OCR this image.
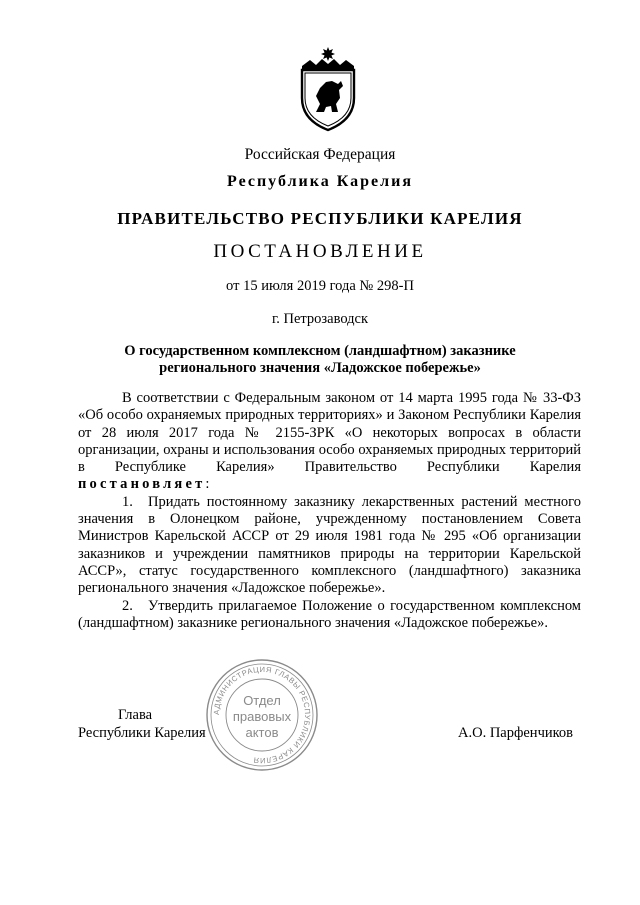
Российская Федерация
Республика Карелия
ПРАВИТЕЛЬСТВО РЕСПУБЛИКИ КАРЕЛИЯ
ПОСТАНОВЛЕНИЕ
от 15 июля 2019 года № 298-П
г. Петрозаводск
О государственном комплексном (ландшафтном) заказнике
регионального значения «Ладожское побережье»

В соответствии с Федеральным законом от 14 марта 1995 года № 33-ФЗ «Об особо охраняемых природных территориях» и Законом Республики Карелия от 28 июля 2017 года № 2155-ЗРК «О некоторых вопросах в области организации, охраны и использования особо охраняемых природных территорий в Республике Карелия» Правительство Республики Карелия постановляет:

1. Придать постоянному заказнику лекарственных растений местного значения в Олонецком районе, учрежденному постановлением Совета Министров Карельской АССР от 29 июля 1981 года № 295 «Об организации заказников и учреждении памятников природы на территории Карельской АССР», статус государственного комплексного (ландшафтного) заказника регионального значения «Ладожское побережье».

2. Утвердить прилагаемое Положение о государственном комплексном (ландшафтном) заказнике регионального значения «Ладожское побережье».

Глава
Республики Карелия	А.О. Парфенчиков
АДМИНИСТРАЦИЯ ГЛАВЫ РЕСПУБЛИКИ КАРЕЛИЯ
Отдел
правовых
актов
